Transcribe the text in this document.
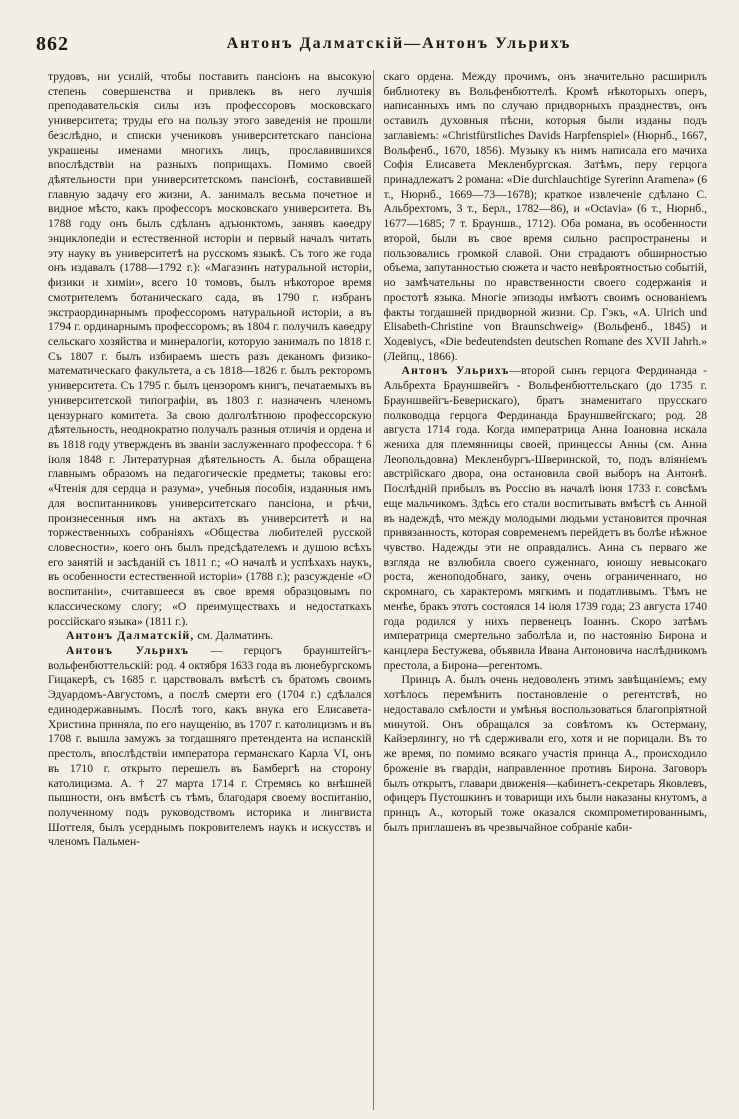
862	Антонъ Далматскій—Антонъ Ульрихъ

трудовъ, ни усилій, чтобы поставить пансіонъ на высокую степень совершенства и привлекъ въ него лучшія преподавательскія силы изъ профессоровъ московскаго университета; труды его на пользу этого заведенія не прошли безслѣдно, и списки учениковъ университетскаго пансіона украшены именами многихъ лицъ, прославившихся впослѣдствіи на разныхъ поприщахъ. Помимо своей дѣятельности при университетскомъ пансіонѣ, составившей главную задачу его жизни, А. занималъ весьма почетное и видное мѣсто, какъ профессоръ московскаго университета. Въ 1788 году онъ былъ сдѣланъ адъюнктомъ, занявъ каѳедру энциклопедіи и естественной исторіи и первый началъ читать эту науку въ университетѣ на русскомъ языкѣ. Съ того же года онъ издавалъ (1788—1792 г.): «Магазинъ натуральной исторіи, физики и химіи», всего 10 томовъ, былъ нѣкоторое время смотрителемъ ботаническаго сада, въ 1790 г. избранъ экстраординарнымъ профессоромъ натуральной исторіи, а въ 1794 г. ординарнымъ профессоромъ; въ 1804 г. получилъ каѳедру сельскаго хозяйства и минералогіи, которую занималъ по 1818 г. Съ 1807 г. былъ избираемъ шесть разъ деканомъ физико-математическаго факультета, а съ 1818—1826 г. былъ ректоромъ университета. Съ 1795 г. былъ цензоромъ книгъ, печатаемыхъ въ университетской типографіи, въ 1803 г. назначенъ членомъ цензурнаго комитета. За свою долголѣтнюю профессорскую дѣятельность, неоднократно получалъ разныя отличія и ордена и въ 1818 году утвержденъ въ званіи заслуженнаго профессора. † 6 іюля 1848 г. Литературная дѣятельность А. была обращена главнымъ образомъ на педагогическіе предметы; таковы его: «Чтенія для сердца и разума», учебныя пособія, изданныя имъ для воспитанниковъ университетскаго пансіона, и рѣчи, произнесенныя имъ на актахъ въ университетѣ и на торжественныхъ собраніяхъ «Общества любителей русской словесности», коего онъ былъ предсѣдателемъ и душою всѣхъ его занятій и засѣданій съ 1811 г.; «О началѣ и успѣхахъ наукъ, въ особенности естественной исторіи» (1788 г.); разсужденіе «О воспитаніи», считавшееся въ свое время образцовымъ по классическому слогу; «О преимуществахъ и недостаткахъ россійскаго языка» (1811 г.).

Антонъ Далматскій, см. Далматинъ.

Антонъ Ульрихъ — герцогъ браунштейгъ-вольфенбюттельскій: род. 4 октября 1633 года въ люнебургскомъ Гицакерѣ, съ 1685 г. царствовалъ вмѣстѣ съ братомъ своимъ Эдуардомъ-Августомъ, а послѣ смерти его (1704 г.) сдѣлался единодержавнымъ. Послѣ того, какъ внука его Елисавета-Христина приняла, по его наущенію, въ 1707 г. католицизмъ и въ 1708 г. вышла замужъ за тогдашняго претендента на испанскій престолъ, впослѣдствіи императора германскаго Карла VI, онъ въ 1710 г. открыто перешелъ въ Бамбергѣ на сторону католицизма. А. † 27 марта 1714 г. Стремясь ко внѣшней пышности, онъ вмѣстѣ съ тѣмъ, благодаря своему воспитанію, полученному подъ руководствомъ историка и лингвиста Шоттеля, былъ усерднымъ покровителемъ наукъ и искусствъ и членомъ Пальмен-

скаго ордена. Между прочимъ, онъ значительно расширилъ библиотеку въ Вольфенбюттелѣ. Кромѣ нѣкоторыхъ оперъ, написанныхъ имъ по случаю придворныхъ празднествъ, онъ оставилъ духовныя пѣсни, которыя были изданы подъ заглавіемъ: «Christfürstliches Davids Harpfenspiel» (Нюрнб., 1667, Вольфенб., 1670, 1856). Музыку къ нимъ написала его мачиха Софія Елисавета Мекленбургская. Затѣмъ, перу герцога принадлежатъ 2 романа: «Die durchlauchtige Syrerinn Aramena» (6 т., Нюрнб., 1669—73—1678); краткое извлеченіе сдѣлано С. Альбрехтомъ, 3 т., Берл., 1782—86), и «Octavia» (6 т., Нюрнб., 1677—1685; 7 т. Брауншв., 1712). Оба романа, въ особенности второй, были въ свое время сильно распространены и пользовались громкой славой. Они страдаютъ обширностью объема, запутанностью сюжета и часто невѣроятностью событій, но замѣчательны по нравственности своего содержанія и простотѣ языка. Многіе эпизоды имѣютъ своимъ основаніемъ факты тогдашней придворной жизни. Ср. Гэкъ, «A. Ulrich und Elisabeth-Christine von Braunschweig» (Вольфенб., 1845) и Ходевіусъ, «Die bedeutendsten deutschen Romane des XVII Jahrh.» (Лейпц., 1866).

Антонъ Ульрихъ—второй сынъ герцога Фердинанда - Альбрехта Брауншвейгъ - Вольфенбюттельскаго (до 1735 г. Брауншвейгъ-Беверискаго), братъ знаменитаго прусскаго полководца герцога Фердинанда Брауншвейгскаго; род. 28 августа 1714 года. Когда императрица Анна Іоановна искала жениха для племянницы своей, принцессы Анны (см. Анна Леопольдовна) Мекленбургъ-Шверинской, то, подъ вліяніемъ австрійскаго двора, она остановила свой выборъ на Антонѣ. Послѣдній прибылъ въ Россію въ началѣ іюня 1733 г. совсѣмъ еще мальчикомъ. Здѣсь его стали воспитывать вмѣстѣ съ Анной въ надеждѣ, что между молодыми людьми установится прочная привязанность, которая современемъ перейдетъ въ болѣе нѣжное чувство. Надежды эти не оправдались. Анна съ перваго же взгляда не взлюбила своего суженнаго, юношу невысокаго роста, женоподобнаго, заику, очень ограниченнаго, но скромнаго, съ характеромъ мягкимъ и податливымъ. Тѣмъ не менѣе, бракъ этотъ состоялся 14 іюля 1739 года; 23 августа 1740 года родился у нихъ первенецъ Іоаннъ. Скоро затѣмъ императрица смертельно заболѣла и, по настоянію Бирона и канцлера Бестужева, объявила Ивана Антоновича наслѣдникомъ престола, а Бирона—регентомъ.

Принцъ А. былъ очень недоволенъ этимъ завѣщаніемъ; ему хотѣлось перемѣнить постановленіе о регентствѣ, но недоставало смѣлости и умѣнья воспользоваться благопріятной минутой. Онъ обращался за совѣтомъ къ Остерману, Кайзерлингу, но тѣ сдерживали его, хотя и не порицали. Въ то же время, по помимо всякаго участія принца А., происходило броженіе въ гвардіи, направленное противъ Бирона. Заговоръ былъ открытъ, главари движенія—кабинетъ-секретарь Яковлевъ, офицеръ Пустошкинъ и товарищи ихъ были наказаны кнутомъ, а принцъ А., который тоже оказался скомпрометированнымъ, былъ приглашенъ въ чрезвычайное собраніе каби-
